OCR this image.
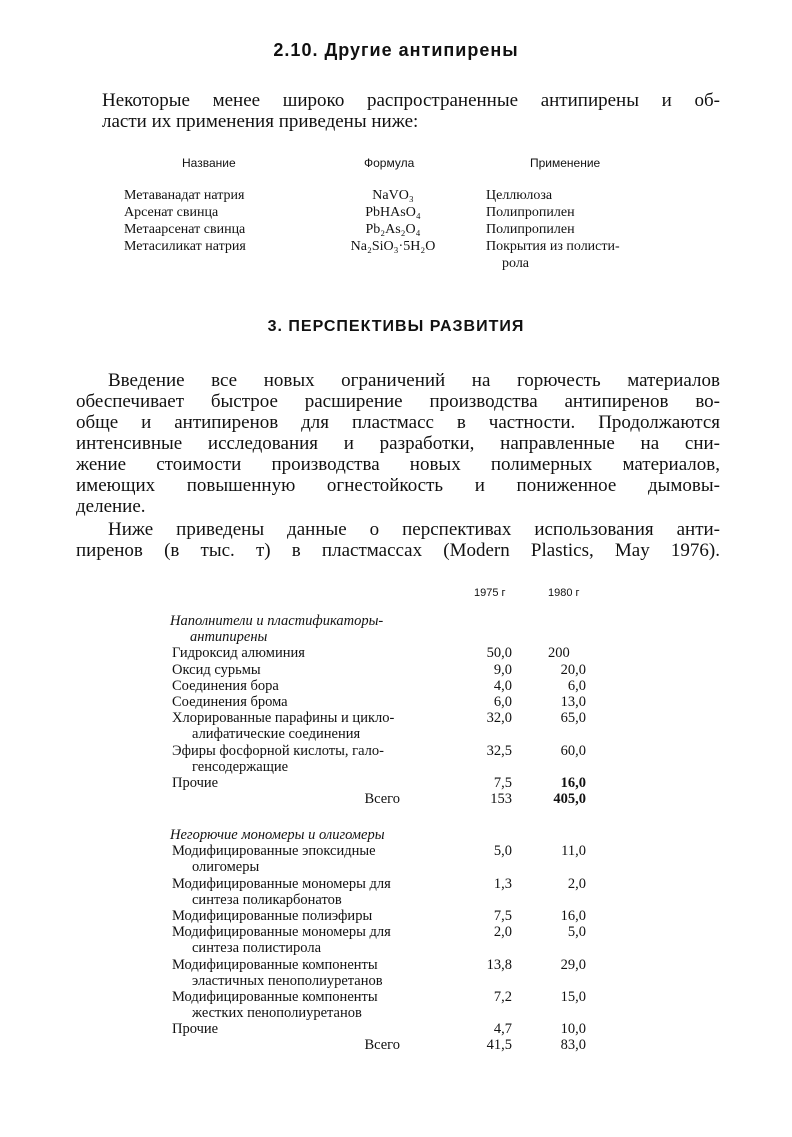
2.10. Другие антипирены
Некоторые менее широко распространенные антипирены и об-
ласти их применения приведены ниже:
Название	Формула	Применение
Метаванадат натрия	NaVO₃	Целлюлоза
Арсенат свинца	PbHAsO₄	Полипропилен
Метаарсенат свинца	Pb₂As₂O₄	Полипропилен
Метасиликат натрия	Na₂SiO₃·5H₂O	Покрытия из полисти-
рола
3. ПЕРСПЕКТИВЫ РАЗВИТИЯ
Введение все новых ограничений на горючесть материалов
обеспечивает быстрое расширение производства антипиренов во-
обще и антипиренов для пластмасс в частности. Продолжаются
интенсивные исследования и разработки, направленные на сни-
жение стоимости производства новых полимерных материалов,
имеющих повышенную огнестойкость и пониженное дымовы-
деление.
Ниже приведены данные о перспективах использования анти-
пиренов (в тыс. т) в пластмассах (Modern Plastics, May 1976).
1975 г	1980 г
Наполнители и пластификаторы-
антипирены
Гидроксид алюминия	50,0 200
Оксид сурьмы	9,0	20,0
Соединения бора	4,0	6,0
Соединения брома	6,0	13,0
Хлорированные парафины и цикло-	32,0	65,0
алифатические соединения
Эфиры фосфорной кислоты, гало-	32,5	60,0
генсодержащие
Прочие	7,5	16,0
Всего	153	405,0
Негорючие мономеры и олигомеры
Модифицированные эпоксидные	5,0	11,0
олигомеры
Модифицированные мономеры для	1,3	2,0
синтеза поликарбонатов
Модифицированные полиэфиры	7,5	16,0
Модифицированные мономеры для	2,0	5,0
синтеза полистирола
Модифицированные компоненты	13,8	29,0
эластичных пенополиуретанов
Модифицированные компоненты	7,2	15,0
жестких пенополиуретанов
Прочие	4,7	10,0
Всего	41,5	83,0
